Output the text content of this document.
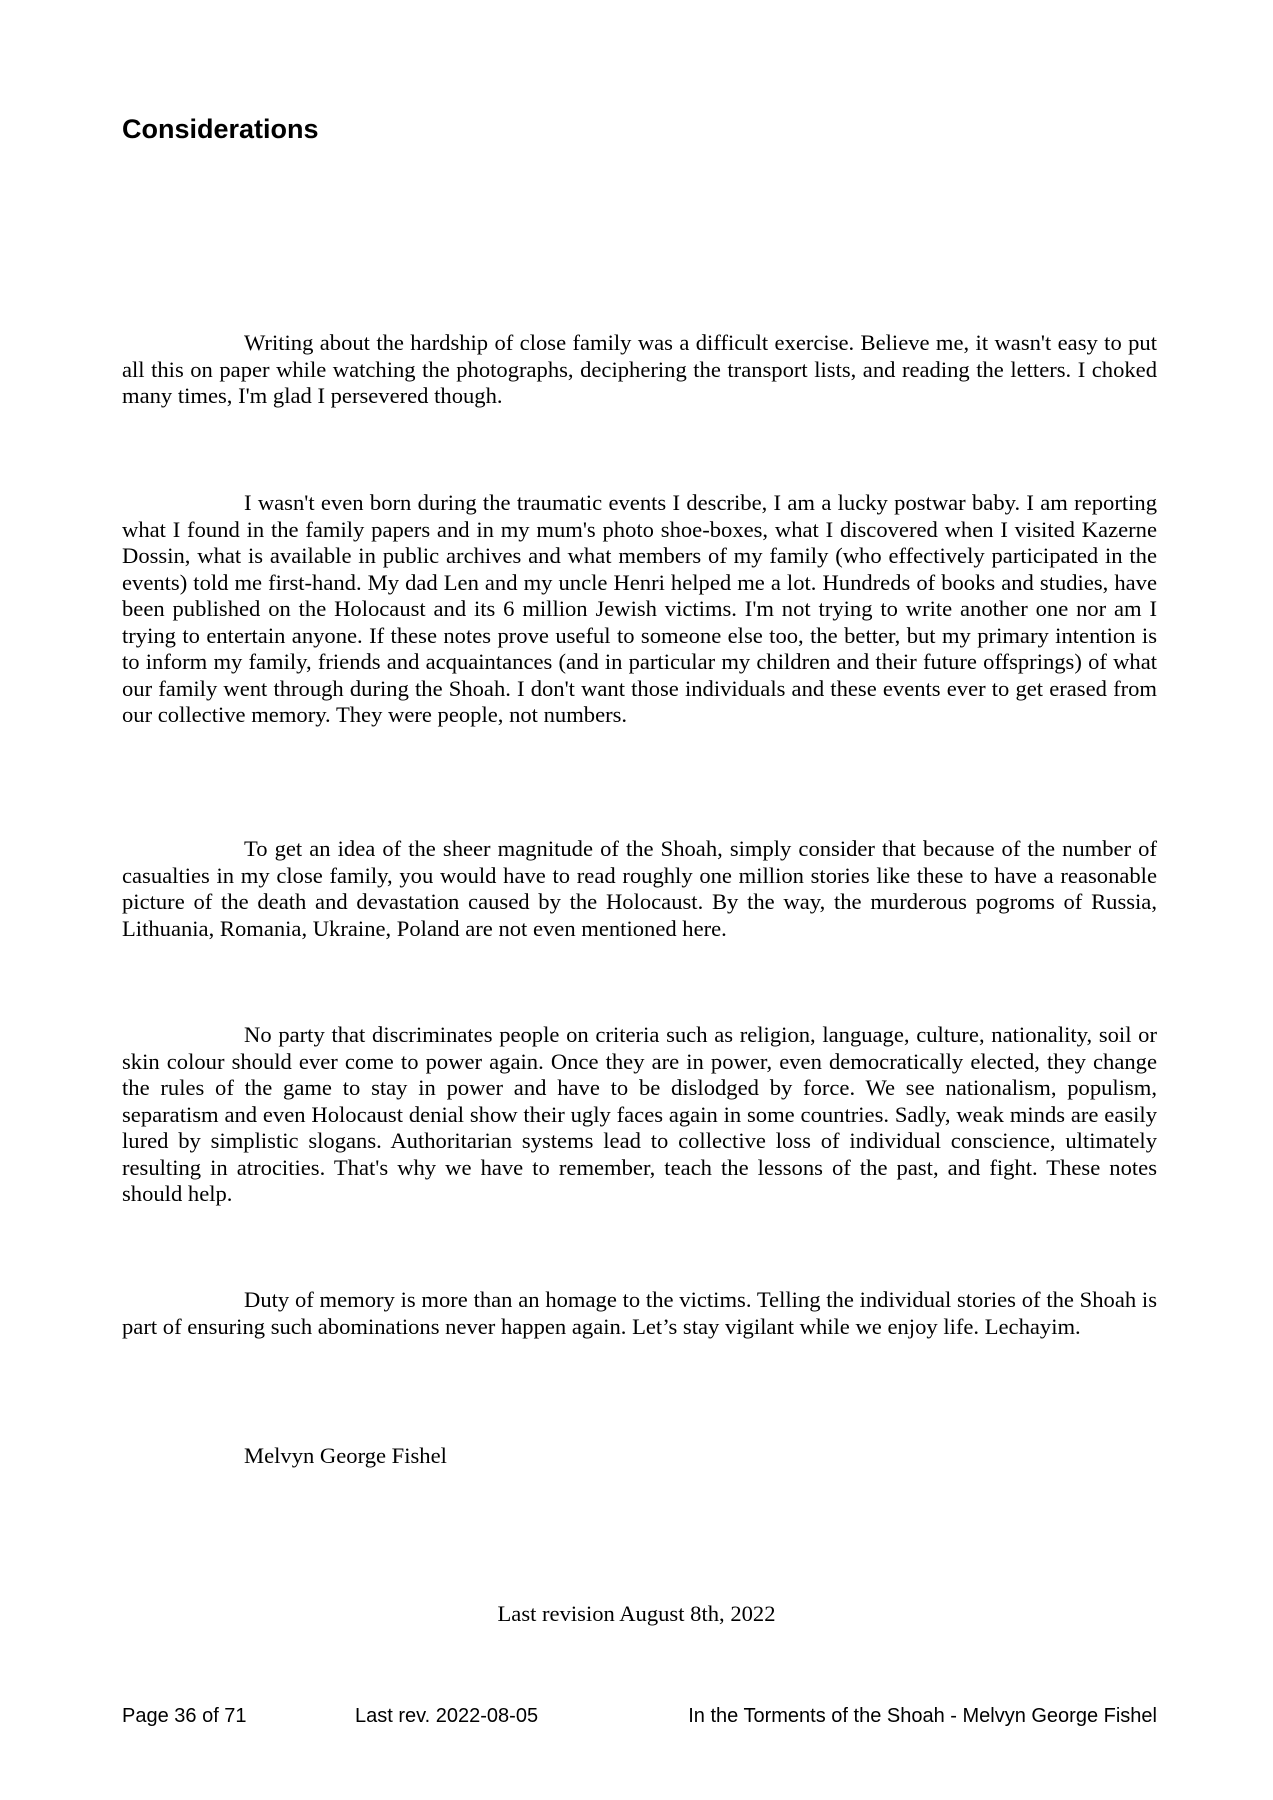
Considerations

Writing about the hardship of close family was a difficult exercise. Believe me, it wasn't easy to put all this on paper while watching the photographs, deciphering the transport lists, and reading the letters. I choked many times, I'm glad I persevered though.

I wasn't even born during the traumatic events I describe, I am a lucky postwar baby. I am reporting what I found in the family papers and in my mum's photo shoe-boxes, what I discovered when I visited Kazerne Dossin, what is available in public archives and what members of my family (who effectively participated in the events) told me first-hand. My dad Len and my uncle Henri helped me a lot. Hundreds of books and studies, have been published on the Holocaust and its 6 million Jewish victims. I'm not trying to write another one nor am I trying to entertain anyone. If these notes prove useful to someone else too, the better, but my primary intention is to inform my family, friends and acquaintances (and in particular my children and their future offsprings) of what our family went through during the Shoah. I don't want those individuals and these events ever to get erased from our collective memory. They were people, not numbers.

To get an idea of the sheer magnitude of the Shoah, simply consider that because of the number of casualties in my close family, you would have to read roughly one million stories like these to have a reasonable picture of the death and devastation caused by the Holocaust. By the way, the murderous pogroms of Russia, Lithuania, Romania, Ukraine, Poland are not even mentioned here.

No party that discriminates people on criteria such as religion, language, culture, nationality, soil or skin colour should ever come to power again. Once they are in power, even democratically elected, they change the rules of the game to stay in power and have to be dislodged by force. We see nationalism, populism, separatism and even Holocaust denial show their ugly faces again in some countries. Sadly, weak minds are easily lured by simplistic slogans. Authoritarian systems lead to collective loss of individual conscience, ultimately resulting in atrocities. That's why we have to remember, teach the lessons of the past, and fight. These notes should help.

Duty of memory is more than an homage to the victims. Telling the individual stories of the Shoah is part of ensuring such abominations never happen again. Let’s stay vigilant while we enjoy life. Lechayim.

Melvyn George Fishel

Last revision August 8th, 2022

Page 36 of 71	Last rev. 2022-08-05	In the Torments of the Shoah - Melvyn George Fishel
